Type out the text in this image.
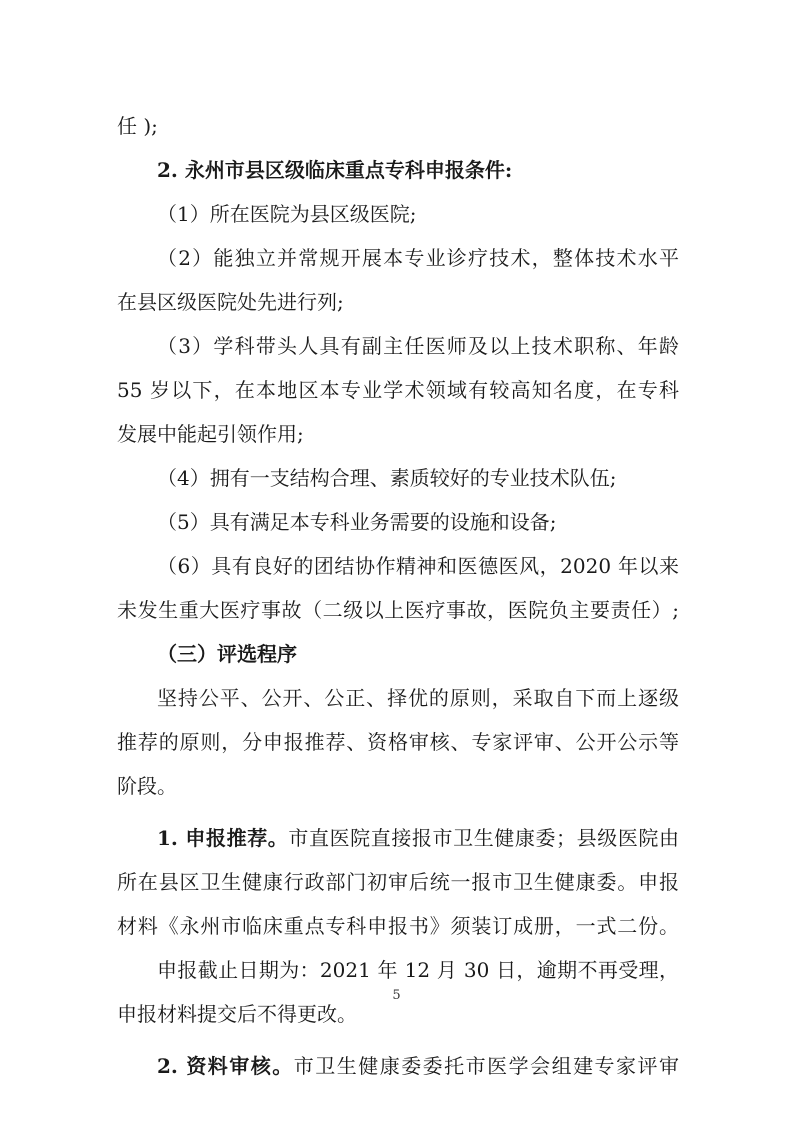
任 );
2. 永州市县区级临床重点专科申报条件:
（1）所在医院为县区级医院;
（2）能独立并常规开展本专业诊疗技术，整体技术水平
在县区级医院处先进行列;
（3）学科带头人具有副主任医师及以上技术职称、年龄
55 岁以下，在本地区本专业学术领域有较高知名度，在专科
发展中能起引领作用;
（4）拥有一支结构合理、素质较好的专业技术队伍;
（5）具有满足本专科业务需要的设施和设备;
（6）具有良好的团结协作精神和医德医风，2020 年以来
未发生重大医疗事故（二级以上医疗事故，医院负主要责任）;
（三）评选程序
坚持公平、公开、公正、择优的原则，采取自下而上逐级
推荐的原则，分申报推荐、资格审核、专家评审、公开公示等
阶段。
1. 申报推荐。市直医院直接报市卫生健康委；县级医院由
所在县区卫生健康行政部门初审后统一报市卫生健康委。申报
材料《永州市临床重点专科申报书》须装订成册，一式二份。
申报截止日期为：2021 年 12 月 30 日，逾期不再受理，
申报材料提交后不得更改。
2. 资料审核。市卫生健康委委托市医学会组建专家评审
5
